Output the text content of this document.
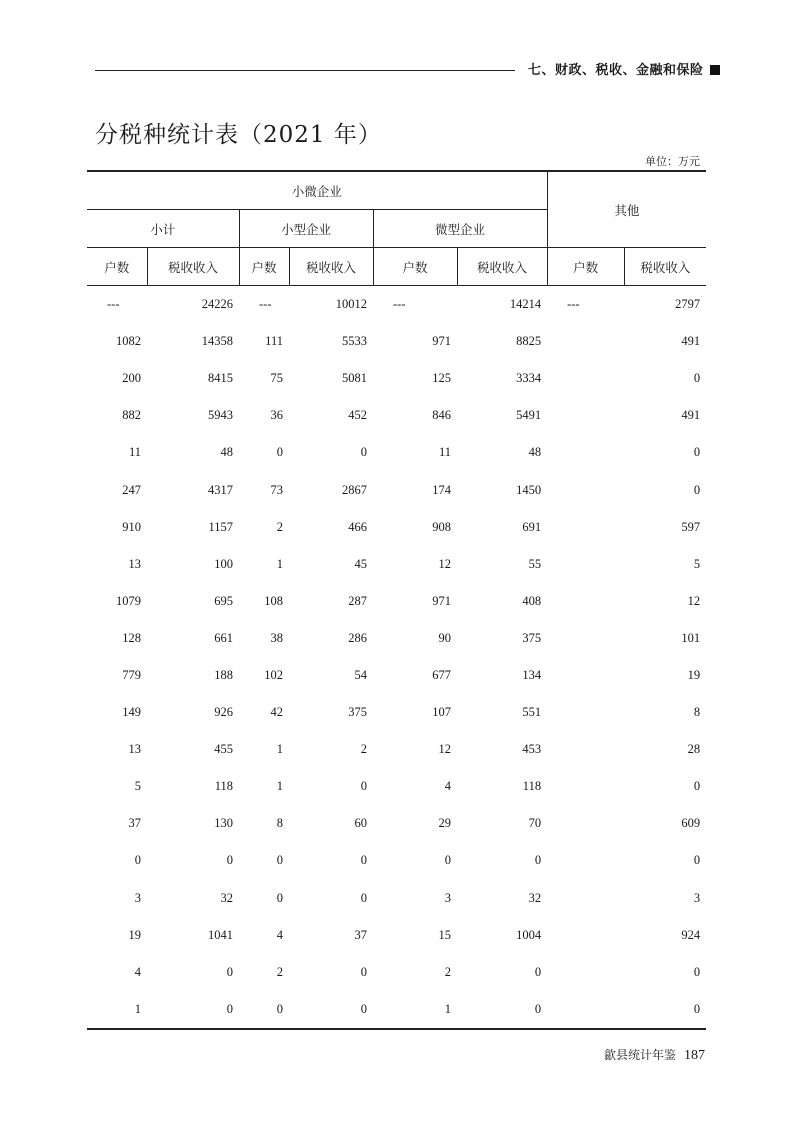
七、财政、税收、金融和保险
分税种统计表（2021 年）
单位：万元
小微企业						其他	
小计		小型企业		微型企业			
户数	税收收入	户数	税收收入	户数	税收收入	户数	税收收入
---	24226	---	10012	---	14214	---	2797
1082	14358	111	5533	971	8825		491
200	8415	75	5081	125	3334		0
882	5943	36	452	846	5491		491
11	48	0	0	11	48		0
247	4317	73	2867	174	1450		0
910	1157	2	466	908	691		597
13	100	1	45	12	55		5
1079	695	108	287	971	408		12
128	661	38	286	90	375		101
779	188	102	54	677	134		19
149	926	42	375	107	551		8
13	455	1	2	12	453		28
5	118	1	0	4	118		0
37	130	8	60	29	70		609
0	0	0	0	0	0		0
3	32	0	0	3	32		3
19	1041	4	37	15	1004		924
4	0	2	0	2	0		0
1	0	0	0	1	0		0
歙县统计年鉴 187
